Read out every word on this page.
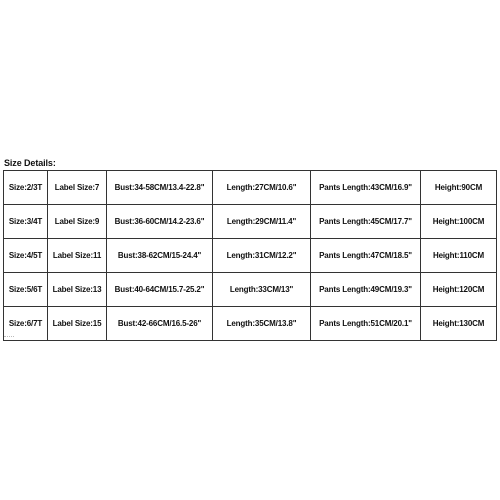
Size Details:
Size:2/3T	Label Size:7	Bust:34-58CM/13.4-22.8"	Length:27CM/10.6"	Pants Length:43CM/16.9"	Height:90CM
Size:3/4T	Label Size:9	Bust:36-60CM/14.2-23.6"	Length:29CM/11.4"	Pants Length:45CM/17.7"	Height:100CM
Size:4/5T	Label Size:11	Bust:38-62CM/15-24.4"	Length:31CM/12.2"	Pants Length:47CM/18.5"	Height:110CM
Size:5/6T	Label Size:13	Bust:40-64CM/15.7-25.2"	Length:33CM/13"	Pants Length:49CM/19.3"	Height:120CM
Size:6/7T	Label Size:15	Bust:42-66CM/16.5-26"	Length:35CM/13.8"	Pants Length:51CM/20.1"	Height:130CM
